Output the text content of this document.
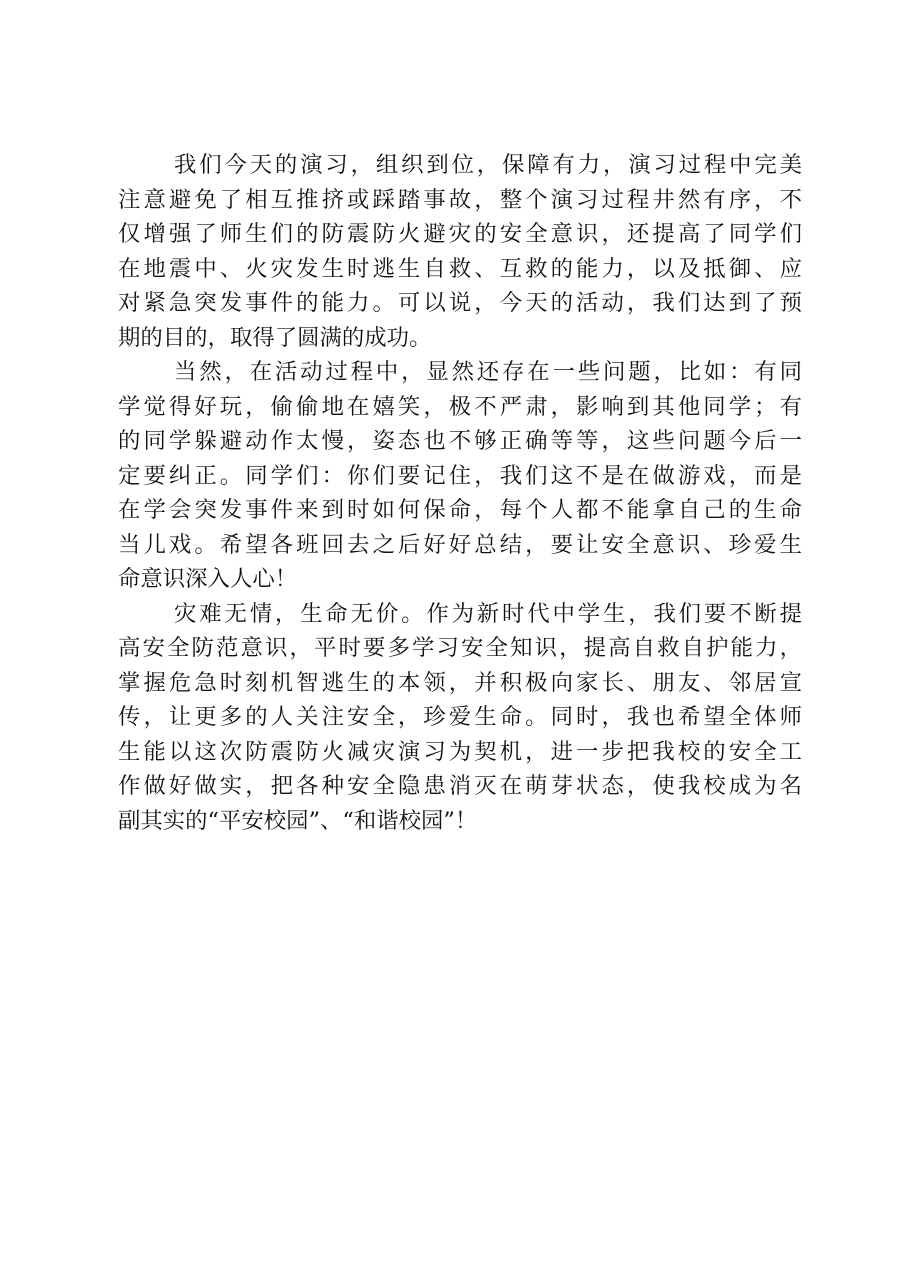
我们今天的演习，组织到位，保障有力，演习过程中完美
注意避免了相互推挤或踩踏事故，整个演习过程井然有序，不
仅增强了师生们的防震防火避灾的安全意识，还提高了同学们
在地震中、火灾发生时逃生自救、互救的能力，以及抵御、应
对紧急突发事件的能力。可以说，今天的活动，我们达到了预
期的目的，取得了圆满的成功。
当然，在活动过程中，显然还存在一些问题，比如：有同
学觉得好玩，偷偷地在嬉笑，极不严肃，影响到其他同学；有
的同学躲避动作太慢，姿态也不够正确等等，这些问题今后一
定要纠正。同学们：你们要记住，我们这不是在做游戏，而是
在学会突发事件来到时如何保命，每个人都不能拿自己的生命
当儿戏。希望各班回去之后好好总结，要让安全意识、珍爱生
命意识深入人心！
灾难无情，生命无价。作为新时代中学生，我们要不断提
高安全防范意识，平时要多学习安全知识，提高自救自护能力，
掌握危急时刻机智逃生的本领，并积极向家长、朋友、邻居宣
传，让更多的人关注安全，珍爱生命。同时，我也希望全体师
生能以这次防震防火减灾演习为契机，进一步把我校的安全工
作做好做实，把各种安全隐患消灭在萌芽状态，使我校成为名
副其实的“平安校园”、“和谐校园”！
